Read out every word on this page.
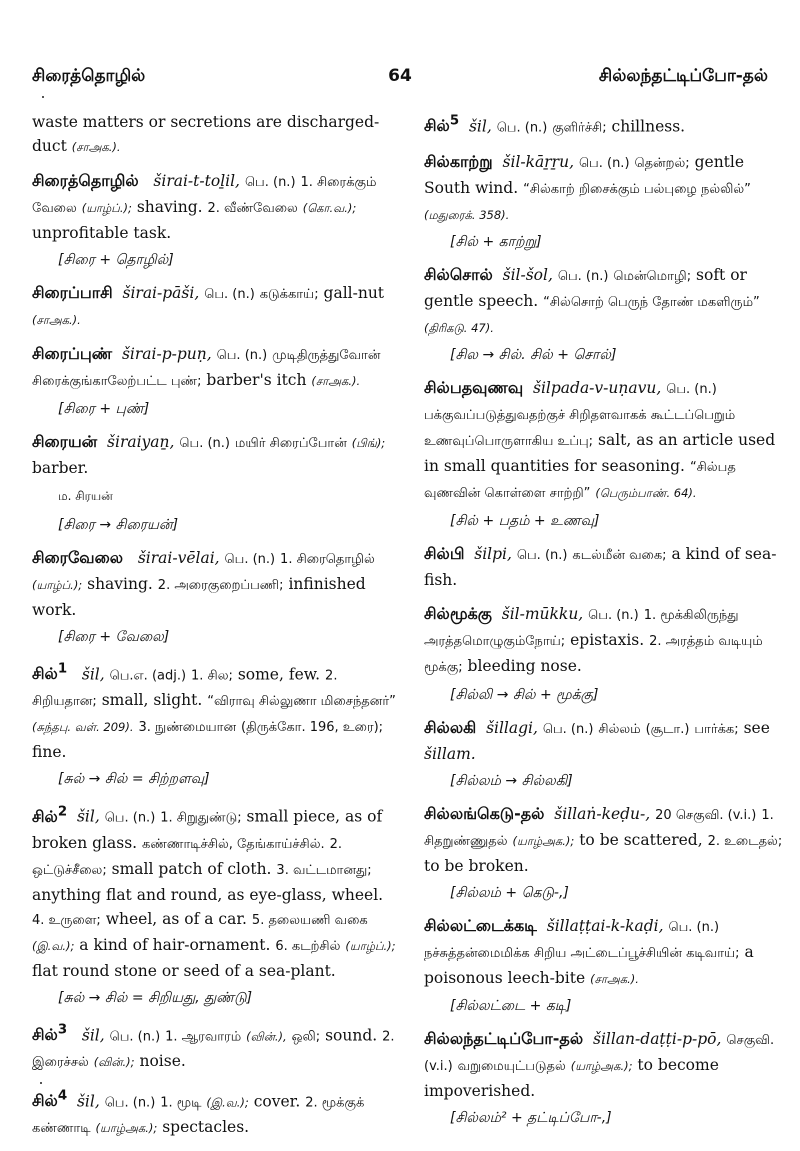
சிரைத்தொழில்	64	சில்லந்தட்டிப்போ-தல்
waste matters or secretions are discharged-duct (சாஅக.).
சிரைத்தொழில் širai-t-toḻil, பெ. (n.) 1. சிரைக்கும் வேலை (யாழ்ப்.); shaving. 2. வீண்வேலை (கொ.வ.); unprofitable task.
[சிரை + தொழில்]
சிரைப்பாசி širai-pāši, பெ. (n.) கடுக்காய்; gall-nut (சாஅக.).
சிரைப்புண் širai-p-puṇ, பெ. (n.) முடிதிருத்துவோன் சிரைக்குங்காலேற்பட்ட புண்; barber's itch (சாஅக.).
[சிரை + புண்]
சிரையன் širaiyaṉ, பெ. (n.) மயிர் சிரைப்போன் (பிங்); barber.
ம. சிரயன்
[சிரை → சிரையன்]
சிரைவேலை širai-vēlai, பெ. (n.) 1. சிரைதொழில் (யாழ்ப்.); shaving. 2. அரைகுறைப்பணி; infinished work.
[சிரை + வேலை]
சில்$^1$ šil, பெ.எ. (adj.) 1. சில; some, few. 2. சிறியதான; small, slight. “விராவு சில்லுணா மிசைந்தனர்” (சுந்தபு. வள். 209). 3. நுண்மையான (திருக்கோ. 196, உரை); fine.
[சுல் → சில் = சிற்றளவு]
சில்$^2$ šil, பெ. (n.) 1. சிறுதுண்டு; small piece, as of broken glass. கண்ணாடிச்சில், தேங்காய்ச்சில். 2. ஒட்டுச்சீலை; small patch of cloth. 3. வட்டமானது; anything flat and round, as eye-glass, wheel. 4. உருளை; wheel, as of a car. 5. தலையணி வகை (இ.வ.); a kind of hair-ornament. 6. கடற்சில் (யாழ்ப்.); flat round stone or seed of a sea-plant.
[சுல் → சில் = சிறியது, துண்டு]
சில்$^3$ šil, பெ. (n.) 1. ஆரவாரம் (வின்.), ஒலி; sound. 2. இரைச்சல் (வின்.); noise.
சில்$^4$ šil, பெ. (n.) 1. மூடி (இ.வ.); cover. 2. மூக்குக் கண்ணாடி (யாழ்அக.); spectacles.
சில்$^5$ šil, பெ. (n.) குளிர்ச்சி; chillness.
சில்காற்று šil-kāṟṟu, பெ. (n.) தென்றல்; gentle South wind. “சில்காற் றிசைக்கும் பல்புழை நல்லில்” (மதுரைக். 358).
[சில் + காற்று]
சில்சொல் šil-šol, பெ. (n.) மென்மொழி; soft or gentle speech. “சில்சொற் பெருந் தோண் மகளிரும்” (திரிகடு. 47).
[சில → சில். சில் + சொல்]
சில்பதவுணவு šilpada-v-uṇavu, பெ. (n.) பக்குவப்படுத்துவதற்குச் சிறிதளவாகக் கூட்டப்பெறும் உணவுப்பொருளாகிய உப்பு; salt, as an article used in small quantities for seasoning. “சில்பத வுணவின் கொள்ளை சாற்றி” (பெரும்பாண். 64).
[சில் + பதம் + உணவு]
சில்பி šilpi, பெ. (n.) கடல்மீன் வகை; a kind of sea-fish.
சில்மூக்கு šil-mūkku, பெ. (n.) 1. மூக்கிலிருந்து அரத்தமொழுகும்நோய்; epistaxis. 2. அரத்தம் வடியும் மூக்கு; bleeding nose.
[சில்லி → சில் + மூக்கு]
சில்லகி šillagi, பெ. (n.) சில்லம் (சூடா.) பார்க்க; see šillam.
[சில்லம் → சில்லகி]
சில்லங்கெடு-தல் šillaṅ-keḍu-, 20 செகுவி. (v.i.) 1. சிதறுண்ணுதல் (யாழ்அக.); to be scattered, 2. உடைதல்; to be broken.
[சில்லம் + கெடு-,]
சில்லட்டைக்கடி šillaṭṭai-k-kaḍi, பெ. (n.) நச்சுத்தன்மைமிக்க சிறிய அட்டைப்பூச்சியின் கடிவாய்; a poisonous leech-bite (சாஅக.).
[சில்லட்டை + கடி]
சில்லந்தட்டிப்போ-தல் šillan-daṭṭi-p-pō, செகுவி. (v.i.) வறுமையுட்படுதல் (யாழ்அக.); to become impoverished.
[சில்லம்² + தட்டிப்போ-,]
